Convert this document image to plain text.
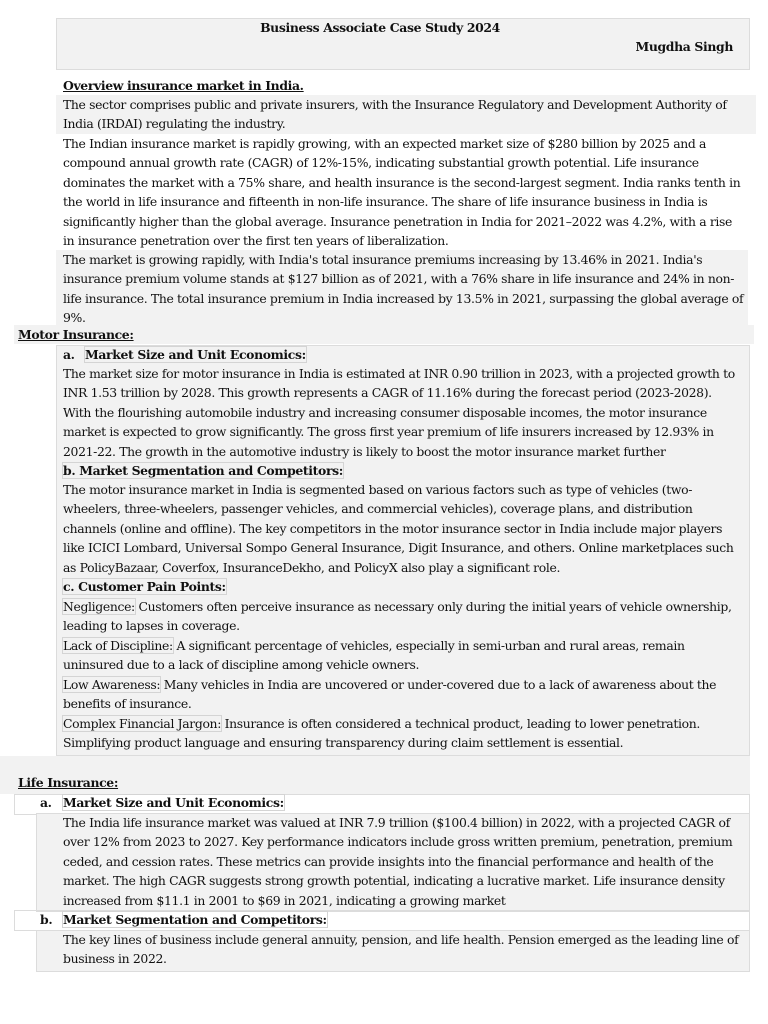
Business Associate Case Study 2024
Mugdha Singh
Overview insurance market in India.
The sector comprises public and private insurers, with the Insurance Regulatory and Development Authority of India (IRDAI) regulating the industry.
The Indian insurance market is rapidly growing, with an expected market size of $280 billion by 2025 and a compound annual growth rate (CAGR) of 12%-15%, indicating substantial growth potential. Life insurance dominates the market with a 75% share, and health insurance is the second-largest segment. India ranks tenth in the world in life insurance and fifteenth in non-life insurance. The share of life insurance business in India is significantly higher than the global average. Insurance penetration in India for 2021–2022 was 4.2%, with a rise in insurance penetration over the first ten years of liberalization.
The market is growing rapidly, with India's total insurance premiums increasing by 13.46% in 2021. India's insurance premium volume stands at $127 billion as of 2021, with a 76% share in life insurance and 24% in non-life insurance. The total insurance premium in India increased by 13.5% in 2021, surpassing the global average of 9%.
Motor Insurance:
a. Market Size and Unit Economics:
The market size for motor insurance in India is estimated at INR 0.90 trillion in 2023, with a projected growth to INR 1.53 trillion by 2028. This growth represents a CAGR of 11.16% during the forecast period (2023-2028). With the flourishing automobile industry and increasing consumer disposable incomes, the motor insurance market is expected to grow significantly. The gross first year premium of life insurers increased by 12.93% in 2021-22. The growth in the automotive industry is likely to boost the motor insurance market further
b. Market Segmentation and Competitors:
The motor insurance market in India is segmented based on various factors such as type of vehicles (two-wheelers, three-wheelers, passenger vehicles, and commercial vehicles), coverage plans, and distribution channels (online and offline). The key competitors in the motor insurance sector in India include major players like ICICI Lombard, Universal Sompo General Insurance, Digit Insurance, and others. Online marketplaces such as PolicyBazaar, Coverfox, InsuranceDekho, and PolicyX also play a significant role.
c. Customer Pain Points:
Negligence: Customers often perceive insurance as necessary only during the initial years of vehicle ownership, leading to lapses in coverage.
Lack of Discipline: A significant percentage of vehicles, especially in semi-urban and rural areas, remain uninsured due to a lack of discipline among vehicle owners.
Low Awareness: Many vehicles in India are uncovered or under-covered due to a lack of awareness about the benefits of insurance.
Complex Financial Jargon: Insurance is often considered a technical product, leading to lower penetration. Simplifying product language and ensuring transparency during claim settlement is essential.
Life Insurance:
a. Market Size and Unit Economics:
The India life insurance market was valued at INR 7.9 trillion ($100.4 billion) in 2022, with a projected CAGR of over 12% from 2023 to 2027. Key performance indicators include gross written premium, penetration, premium ceded, and cession rates. These metrics can provide insights into the financial performance and health of the market. The high CAGR suggests strong growth potential, indicating a lucrative market. Life insurance density increased from $11.1 in 2001 to $69 in 2021, indicating a growing market
b. Market Segmentation and Competitors:
The key lines of business include general annuity, pension, and life health. Pension emerged as the leading line of business in 2022.
